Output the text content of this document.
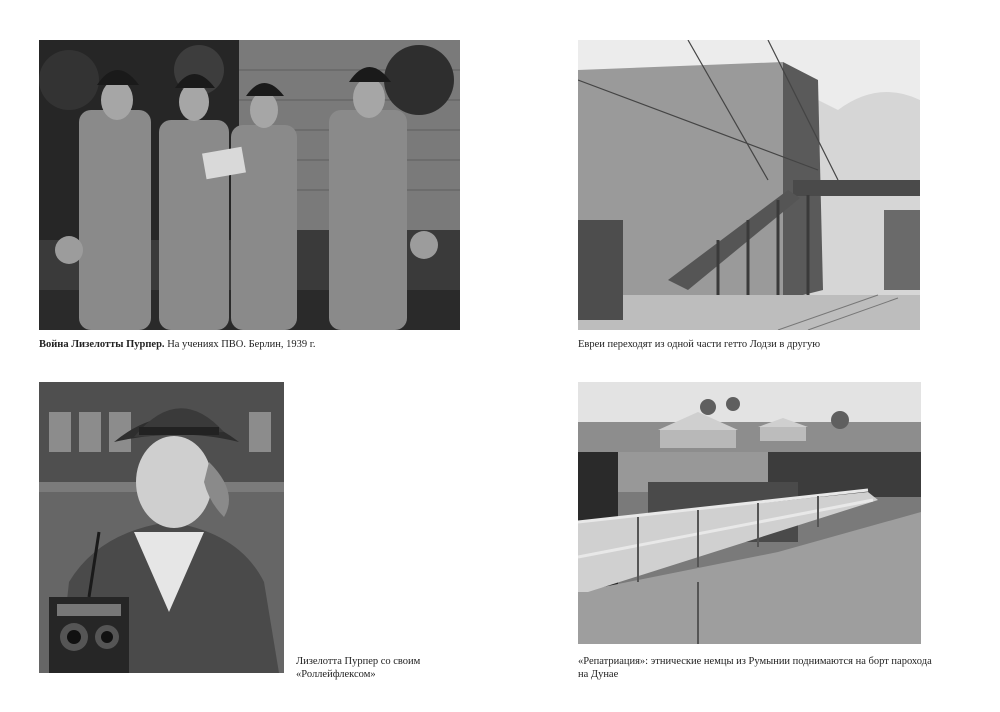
Война Лизелотты Пурпер. На учениях ПВО. Берлин, 1939 г.	Евреи переходят из одной части гетто Лодзи в другую
Лизелотта Пурпер со своим
«Роллейфлексом»
«Репатриация»: этнические немцы из Румынии поднимаются на борт парохода
на Дунае
